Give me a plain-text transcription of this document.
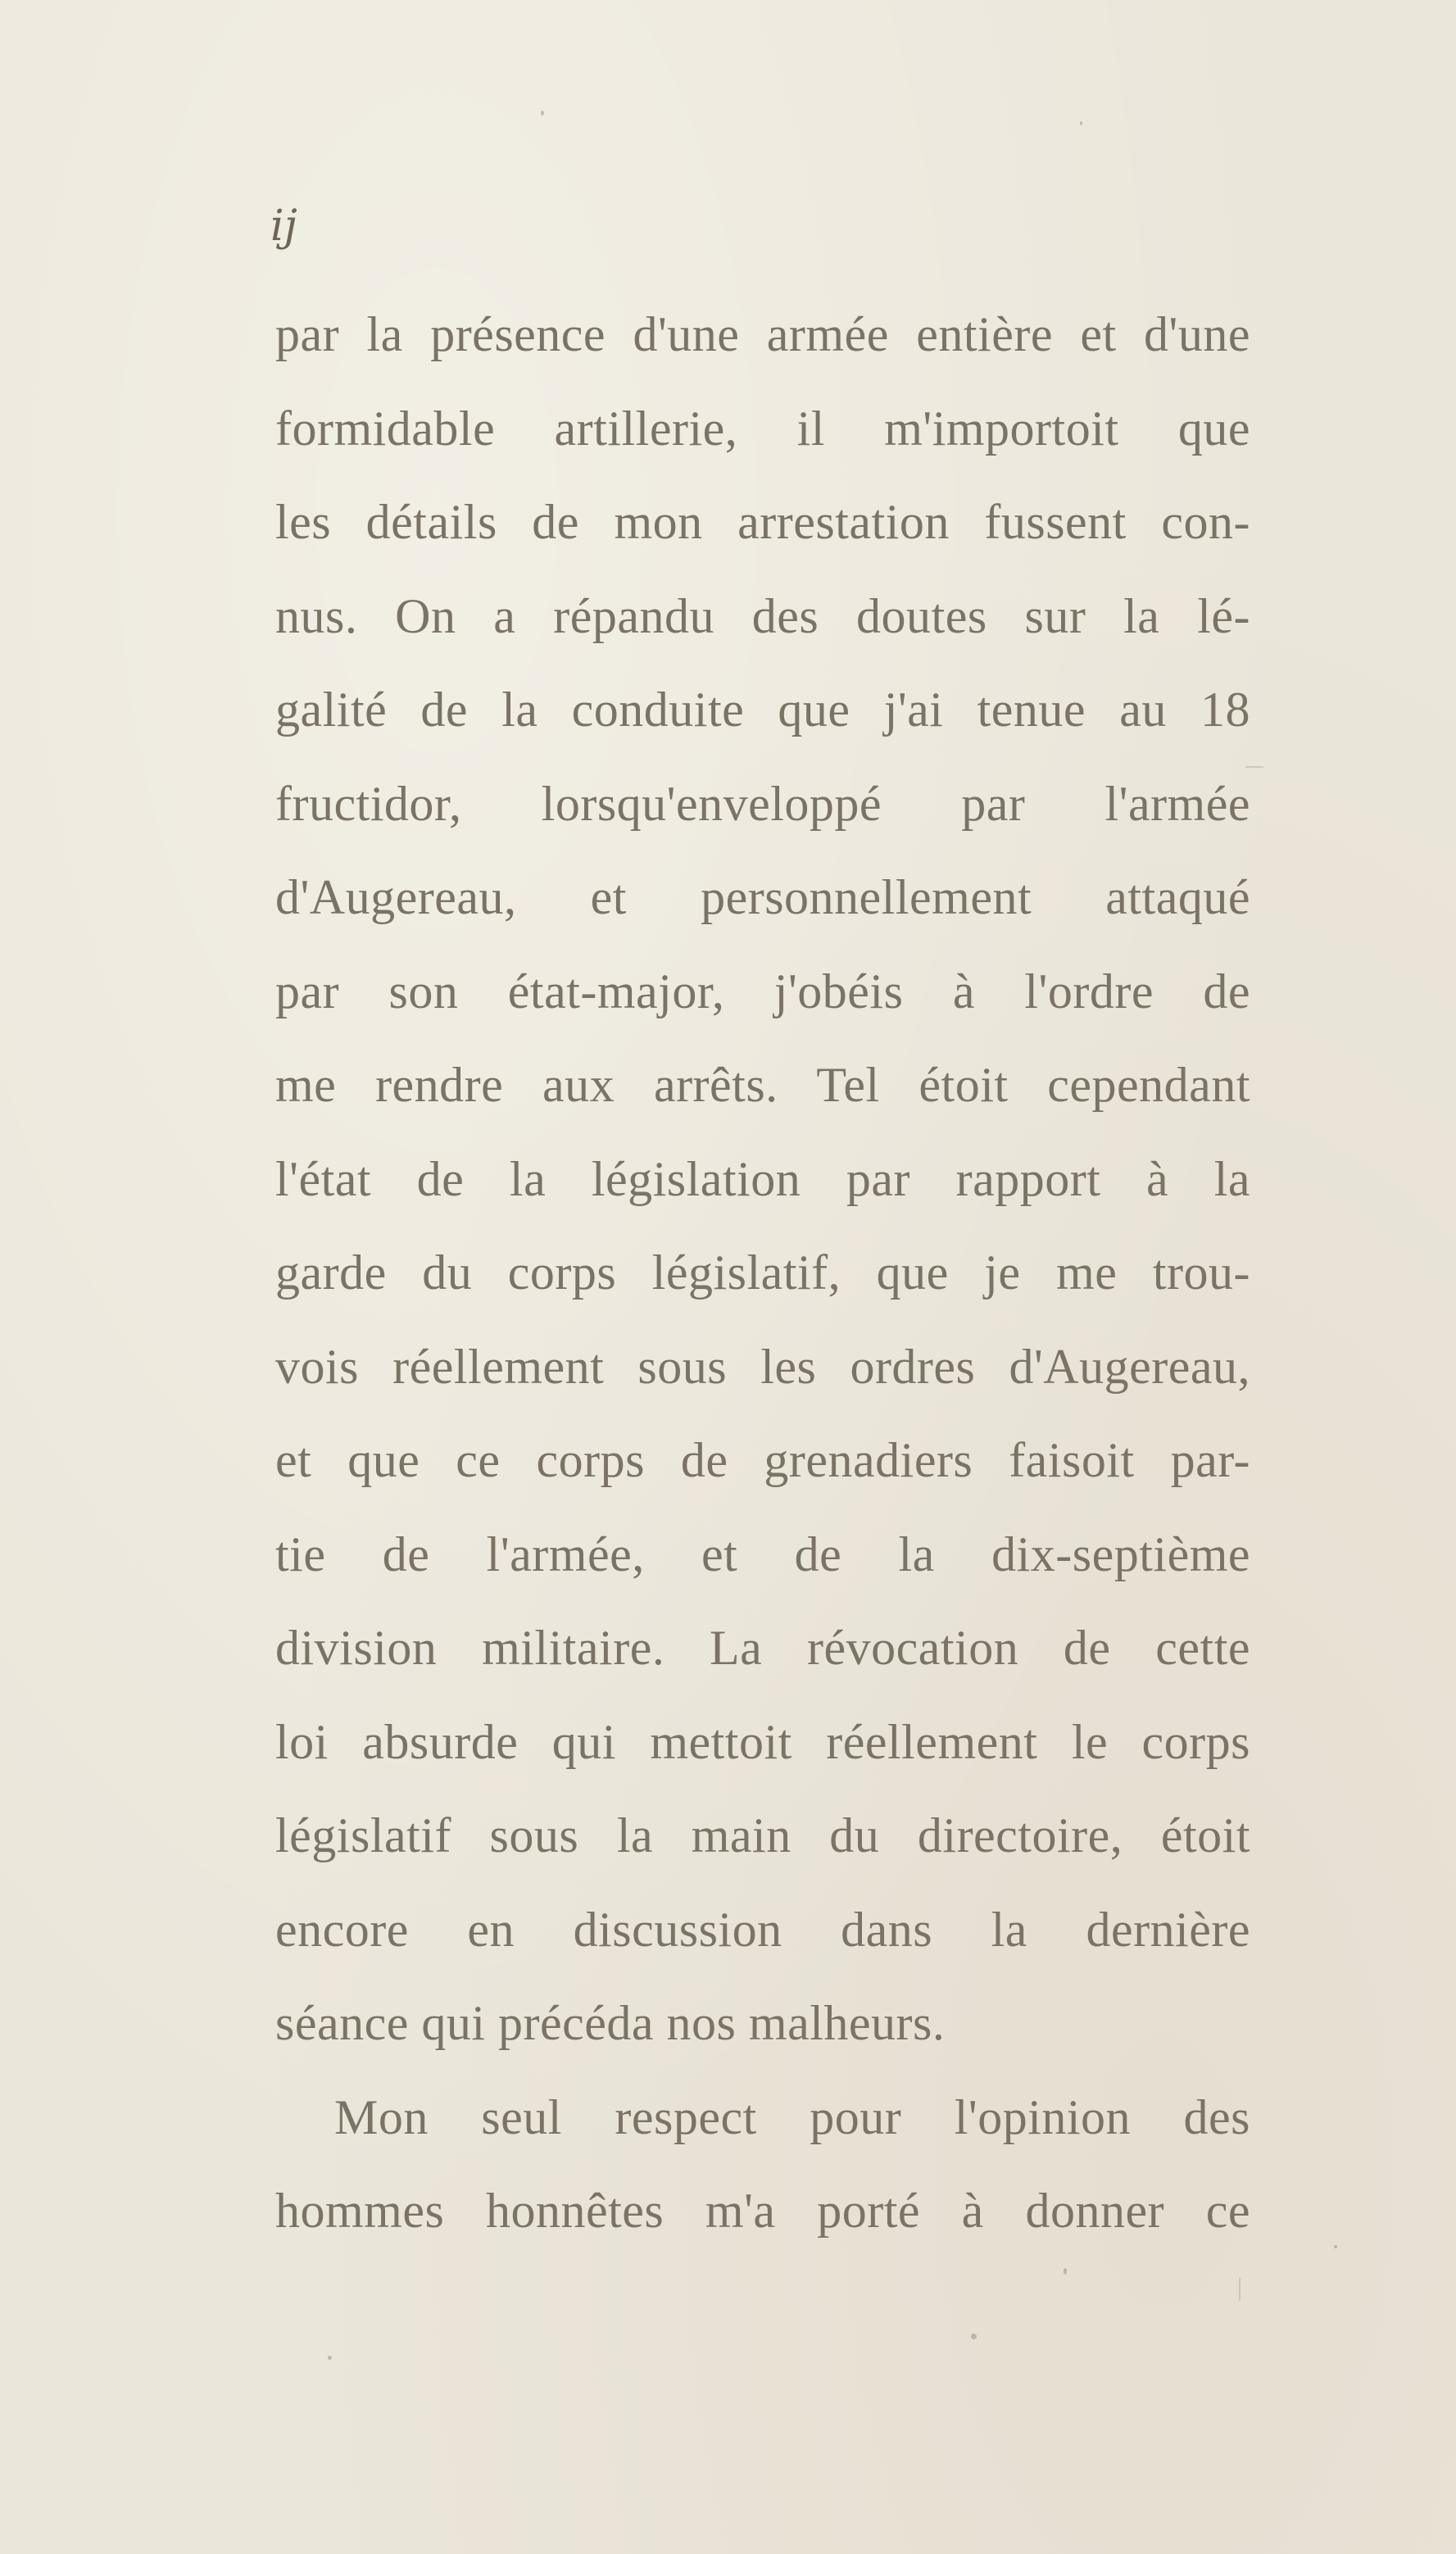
ij
par la présence d'une armée entière et d'une
formidable artillerie, il m'importoit que
les détails de mon arrestation fussent con-
nus. On a répandu des doutes sur la lé-
galité de la conduite que j'ai tenue au 18
fructidor, lorsqu'enveloppé par l'armée
d'Augereau, et personnellement attaqué
par son état-major, j'obéis à l'ordre de
me rendre aux arrêts. Tel étoit cependant
l'état de la législation par rapport à la
garde du corps législatif, que je me trou-
vois réellement sous les ordres d'Augereau,
et que ce corps de grenadiers faisoit par-
tie de l'armée, et de la dix-septième
division militaire. La révocation de cette
loi absurde qui mettoit réellement le corps
législatif sous la main du directoire, étoit
encore en discussion dans la dernière
séance qui précéda nos malheurs.
Mon seul respect pour l'opinion des
hommes honnêtes m'a porté à donner ce
